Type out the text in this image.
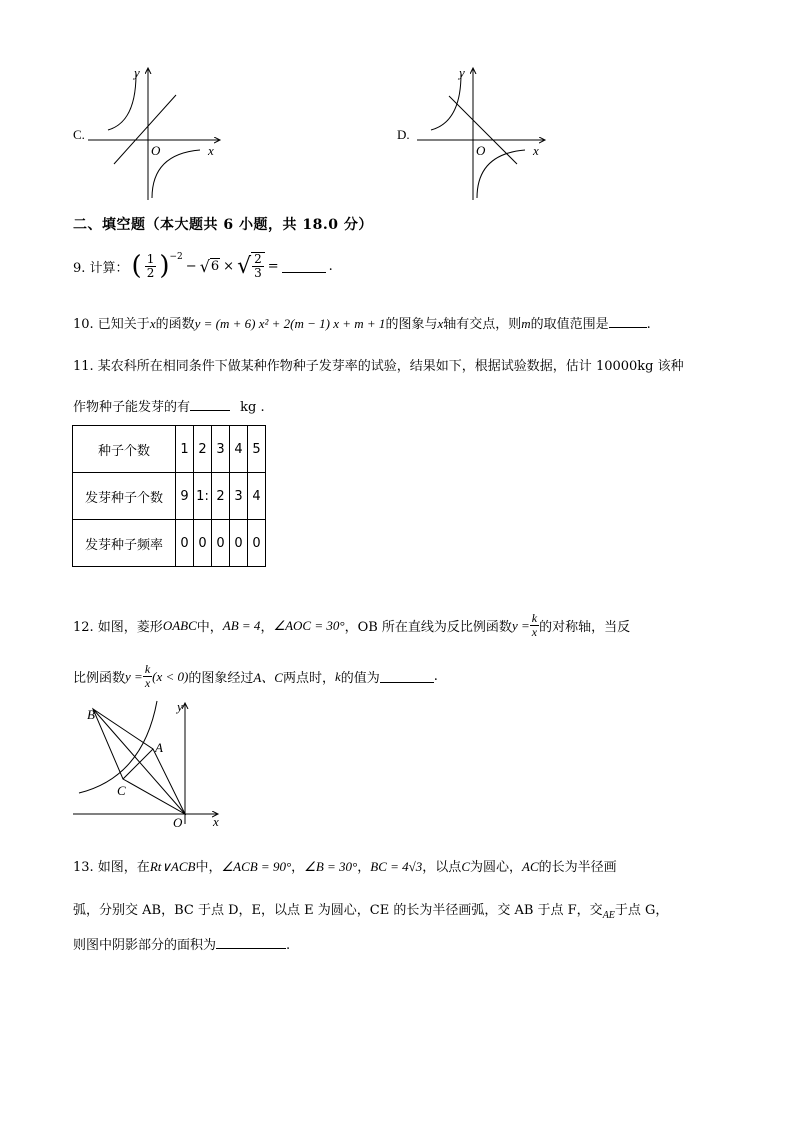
C.
y
x
O
D.
y
x
O
二、填空题（本大题共 6 小题，共 18.0 分）
9. 计算： ( $\frac{1}{2}$ ) −2
− √ 6 × √ $\frac{2}{3}$ =	.
10. 已知关于x的函数y = (m + 6) x² + 2(m − 1) x + m + 1的图象与x轴有交点，则m的取值范围是	.
11. 某农科所在相同条件下做某种作物种子发芽率的试验，结果如下，根据试验数据，估计 10000kg 该种
作物种子能发芽的有	kg .
种子个数	1	2	3	4	5
发芽种子个数	9	1:	2	3	4
发芽种子频率	0	0	0	0	0
12. 如图，菱形 OABC 中， AB = 4 ， ∠AOC = 30° ，OB 所在直线为反比例函数 $y = \frac{k}{x}$ 的对称轴，当反
比例函数 $y = \frac{k}{x} (x < 0)$ 的图象经过 A、C 两点时， k 的值为	.
B
A
C
O x
y
13. 如图，在Rt∨ACB中，∠ACB = 90°，∠B = 30°，BC = 4√3，以点C为圆心，AC的长为半径画
弧，分别交 AB，BC 于点 D，E，以点 E 为圆心，CE 的长为半径画弧，交 AB 于点 F，交$_{AE}$于点 G，
则图中阴影部分的面积为	.
